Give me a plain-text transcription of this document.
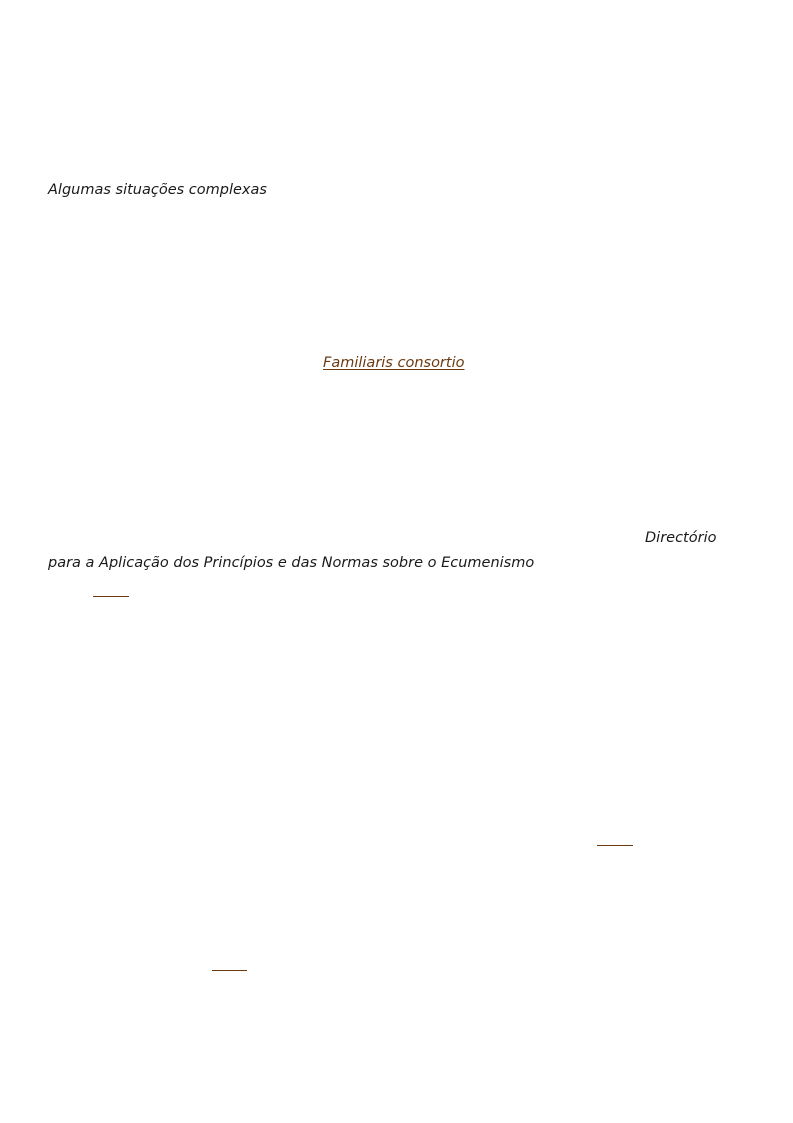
Algumas situações complexas
Familiaris consortio
Directório
para a Aplicação dos Princípios e das Normas sobre o Ecumenismo
